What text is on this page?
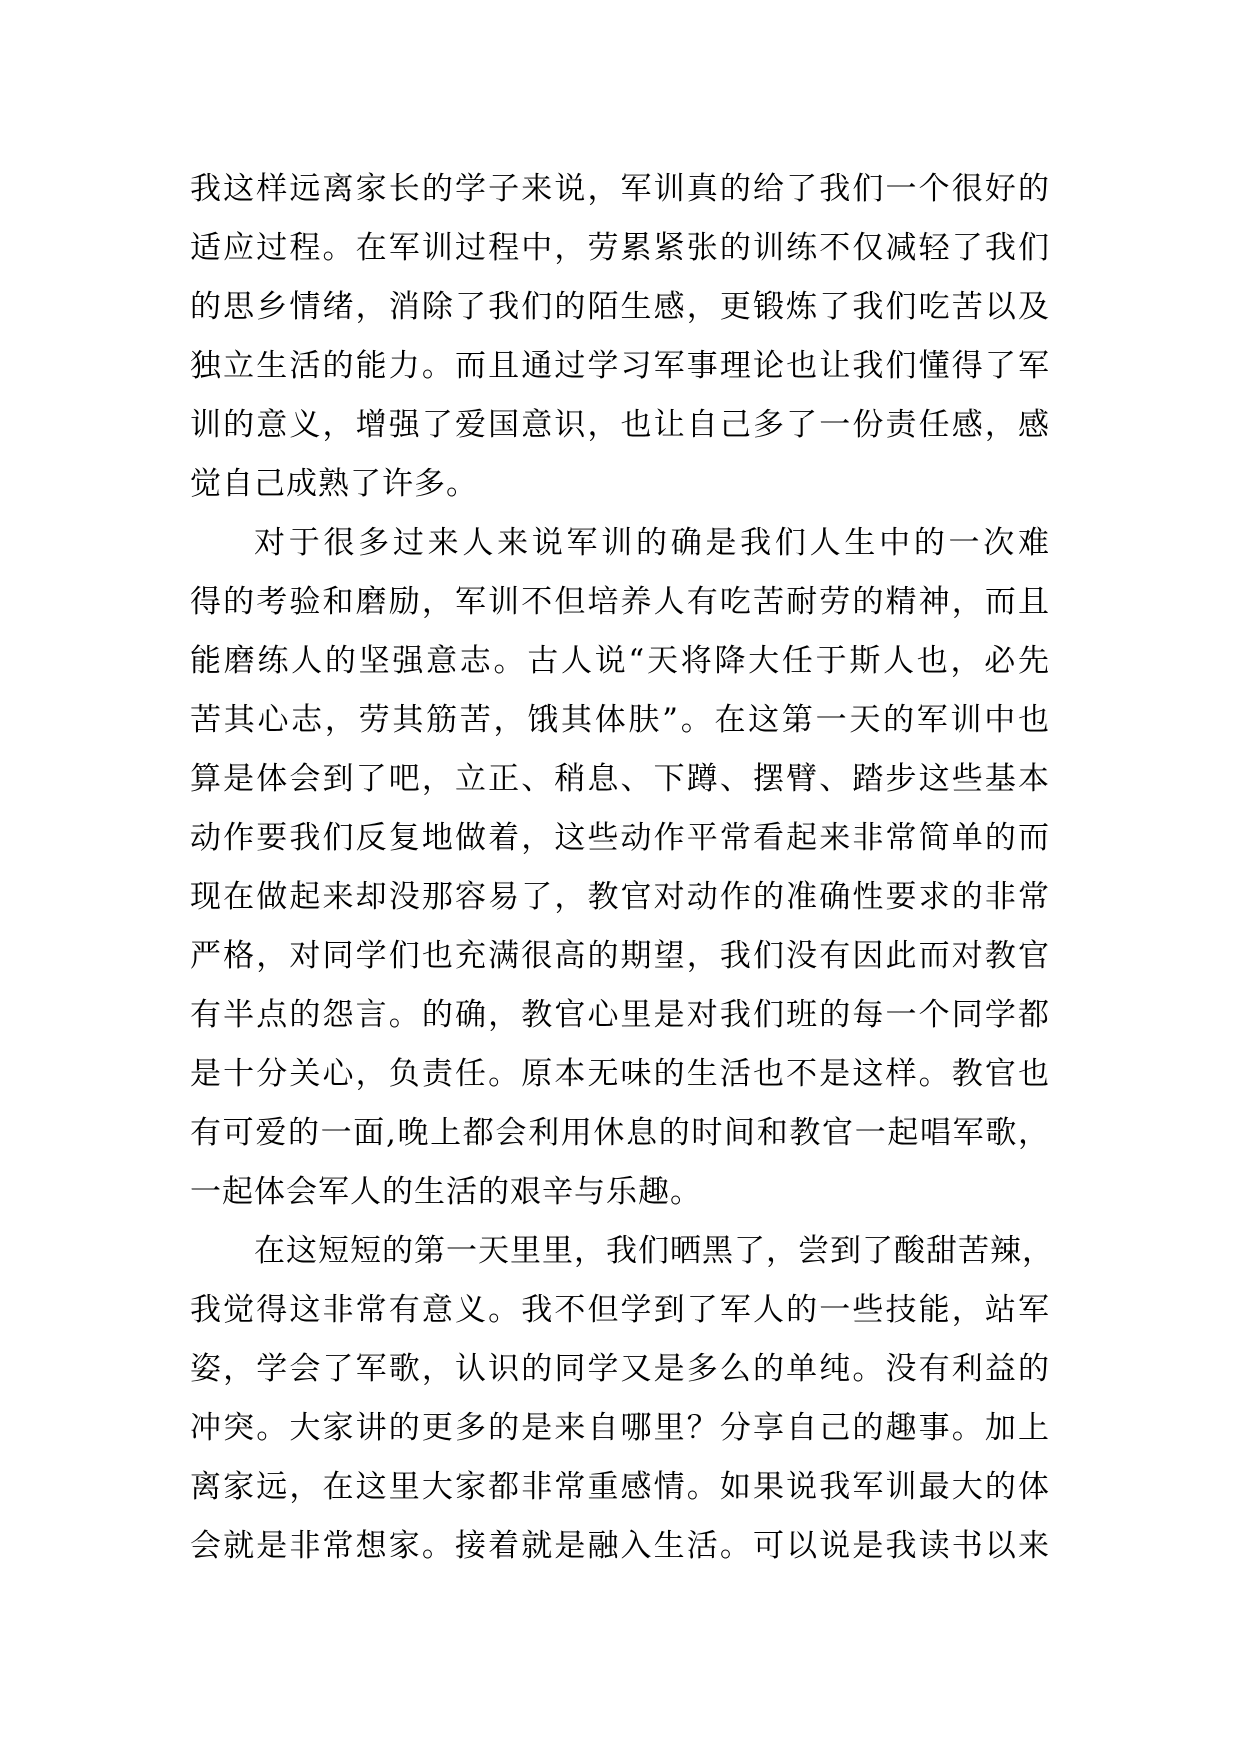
我这样远离家长的学子来说，军训真的给了我们一个很好的
适应过程。在军训过程中，劳累紧张的训练不仅减轻了我们
的思乡情绪，消除了我们的陌生感，更锻炼了我们吃苦以及
独立生活的能力。而且通过学习军事理论也让我们懂得了军
训的意义，增强了爱国意识，也让自己多了一份责任感，感
觉自己成熟了许多。
对于很多过来人来说军训的确是我们人生中的一次难
得的考验和磨励，军训不但培养人有吃苦耐劳的精神，而且
能磨练人的坚强意志。古人说“天将降大任于斯人也，必先
苦其心志，劳其筋苦，饿其体肤”。在这第一天的军训中也
算是体会到了吧，立正、稍息、下蹲、摆臂、踏步这些基本
动作要我们反复地做着，这些动作平常看起来非常简单的而
现在做起来却没那容易了，教官对动作的准确性要求的非常
严格，对同学们也充满很高的期望，我们没有因此而对教官
有半点的怨言。的确，教官心里是对我们班的每一个同学都
是十分关心，负责任。原本无味的生活也不是这样。教官也
有可爱的一面,晚上都会利用休息的时间和教官一起唱军歌，
一起体会军人的生活的艰辛与乐趣。
在这短短的第一天里里，我们晒黑了，尝到了酸甜苦辣，
我觉得这非常有意义。我不但学到了军人的一些技能，站军
姿，学会了军歌，认识的同学又是多么的单纯。没有利益的
冲突。大家讲的更多的是来自哪里？分享自己的趣事。加上
离家远，在这里大家都非常重感情。如果说我军训最大的体
会就是非常想家。接着就是融入生活。可以说是我读书以来
